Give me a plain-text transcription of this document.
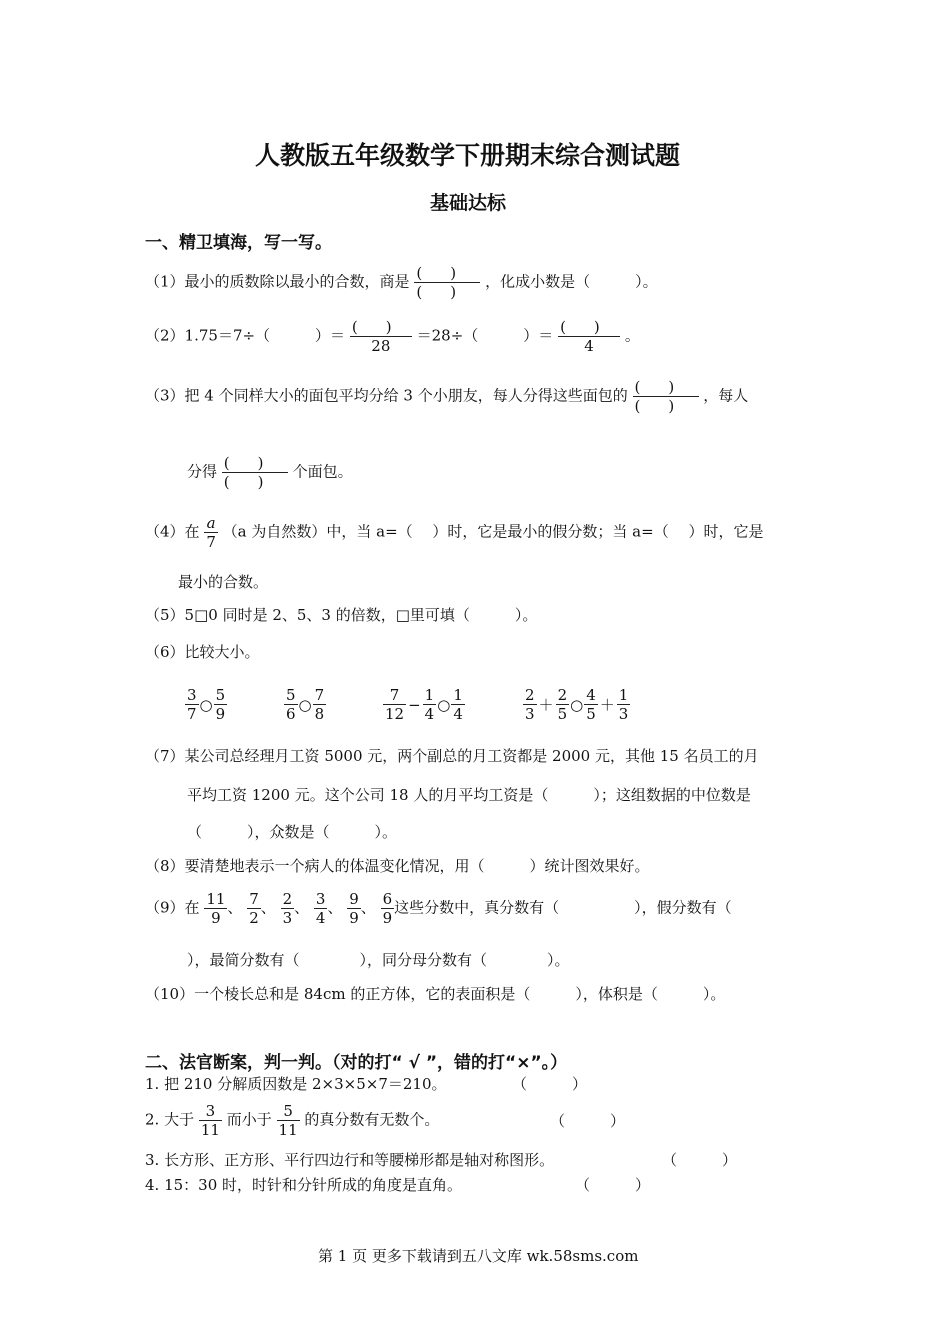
人教版五年级数学下册期末综合测试题
基础达标
一、精卫填海，写一写。
（1）最小的质数除以最小的合数，商是 $\frac{()}{()}$ ，化成小数是（　　　）。
（2）1.75＝7÷（　　　）＝ $\frac{()}{28} =28\div$（　　　）＝ $\frac{()}{4}$ 。
（3）把 4 个同样大小的面包平均分给 3 个小朋友，每人分得这些面包的 $\frac{()}{()}$ ，每人
分得 $\frac{()}{()}$ 个面包。
（4）在 $\frac{a}{7} (a$ 为自然数）中，当 a=（　 ）时，它是最小的假分数；当 a=（　 ）时，它是
最小的合数。
（5）5□0 同时是 2、5、3 的倍数，□里可填（　　　）。
（6）比较大小。
$\frac{3}{7}$ ○ $\frac{5}{9}$	$\frac{5}{6}$ ○ $\frac{7}{8}$	$\frac{7}{12} - \frac{1}{4}$ ○ $\frac{1}{4}$	$\frac{2}{3} + \frac{2}{5}$ ○ $\frac{4}{5} + \frac{1}{3}$
（7）某公司总经理月工资 5000 元，两个副总的月工资都是 2000 元，其他 15 名员工的月
平均工资 1200 元。这个公司 18 人的月平均工资是（　　　）；这组数据的中位数是
（　　　），众数是（　　　）。
（8）要清楚地表示一个病人的体温变化情况，用（　　　）统计图效果好。
（9）在 $\frac{11}{9}$ 、 $\frac{7}{2}$ 、 $\frac{2}{3}$ 、 $\frac{3}{4}$ 、 $\frac{9}{9}$ 、 $\frac{6}{9}$ 这些分数中，真分数有（　　　　　），假分数有（
），最简分数有（　　　　），同分母分数有（　　　　）。
（10）一个棱长总和是 84cm 的正方体，它的表面积是（　　　），体积是（　　　）。
二、法官断案，判一判。（对的打“ √ ”，错的打“×”。）
1. 把 210 分解质因数是 2×3×5×7＝210。	（　　　）
2. 大于 $\frac{3}{11}$ 而小于 $\frac{5}{11}$ 的真分数有无数个。	（　　　）
3. 长方形、正方形、平行四边行和等腰梯形都是轴对称图形。	（　　　）
4. 15：30 时，时针和分针所成的角度是直角。	（　　　）
第 1 页 更多下载请到五八文库 wk.58sms.com
